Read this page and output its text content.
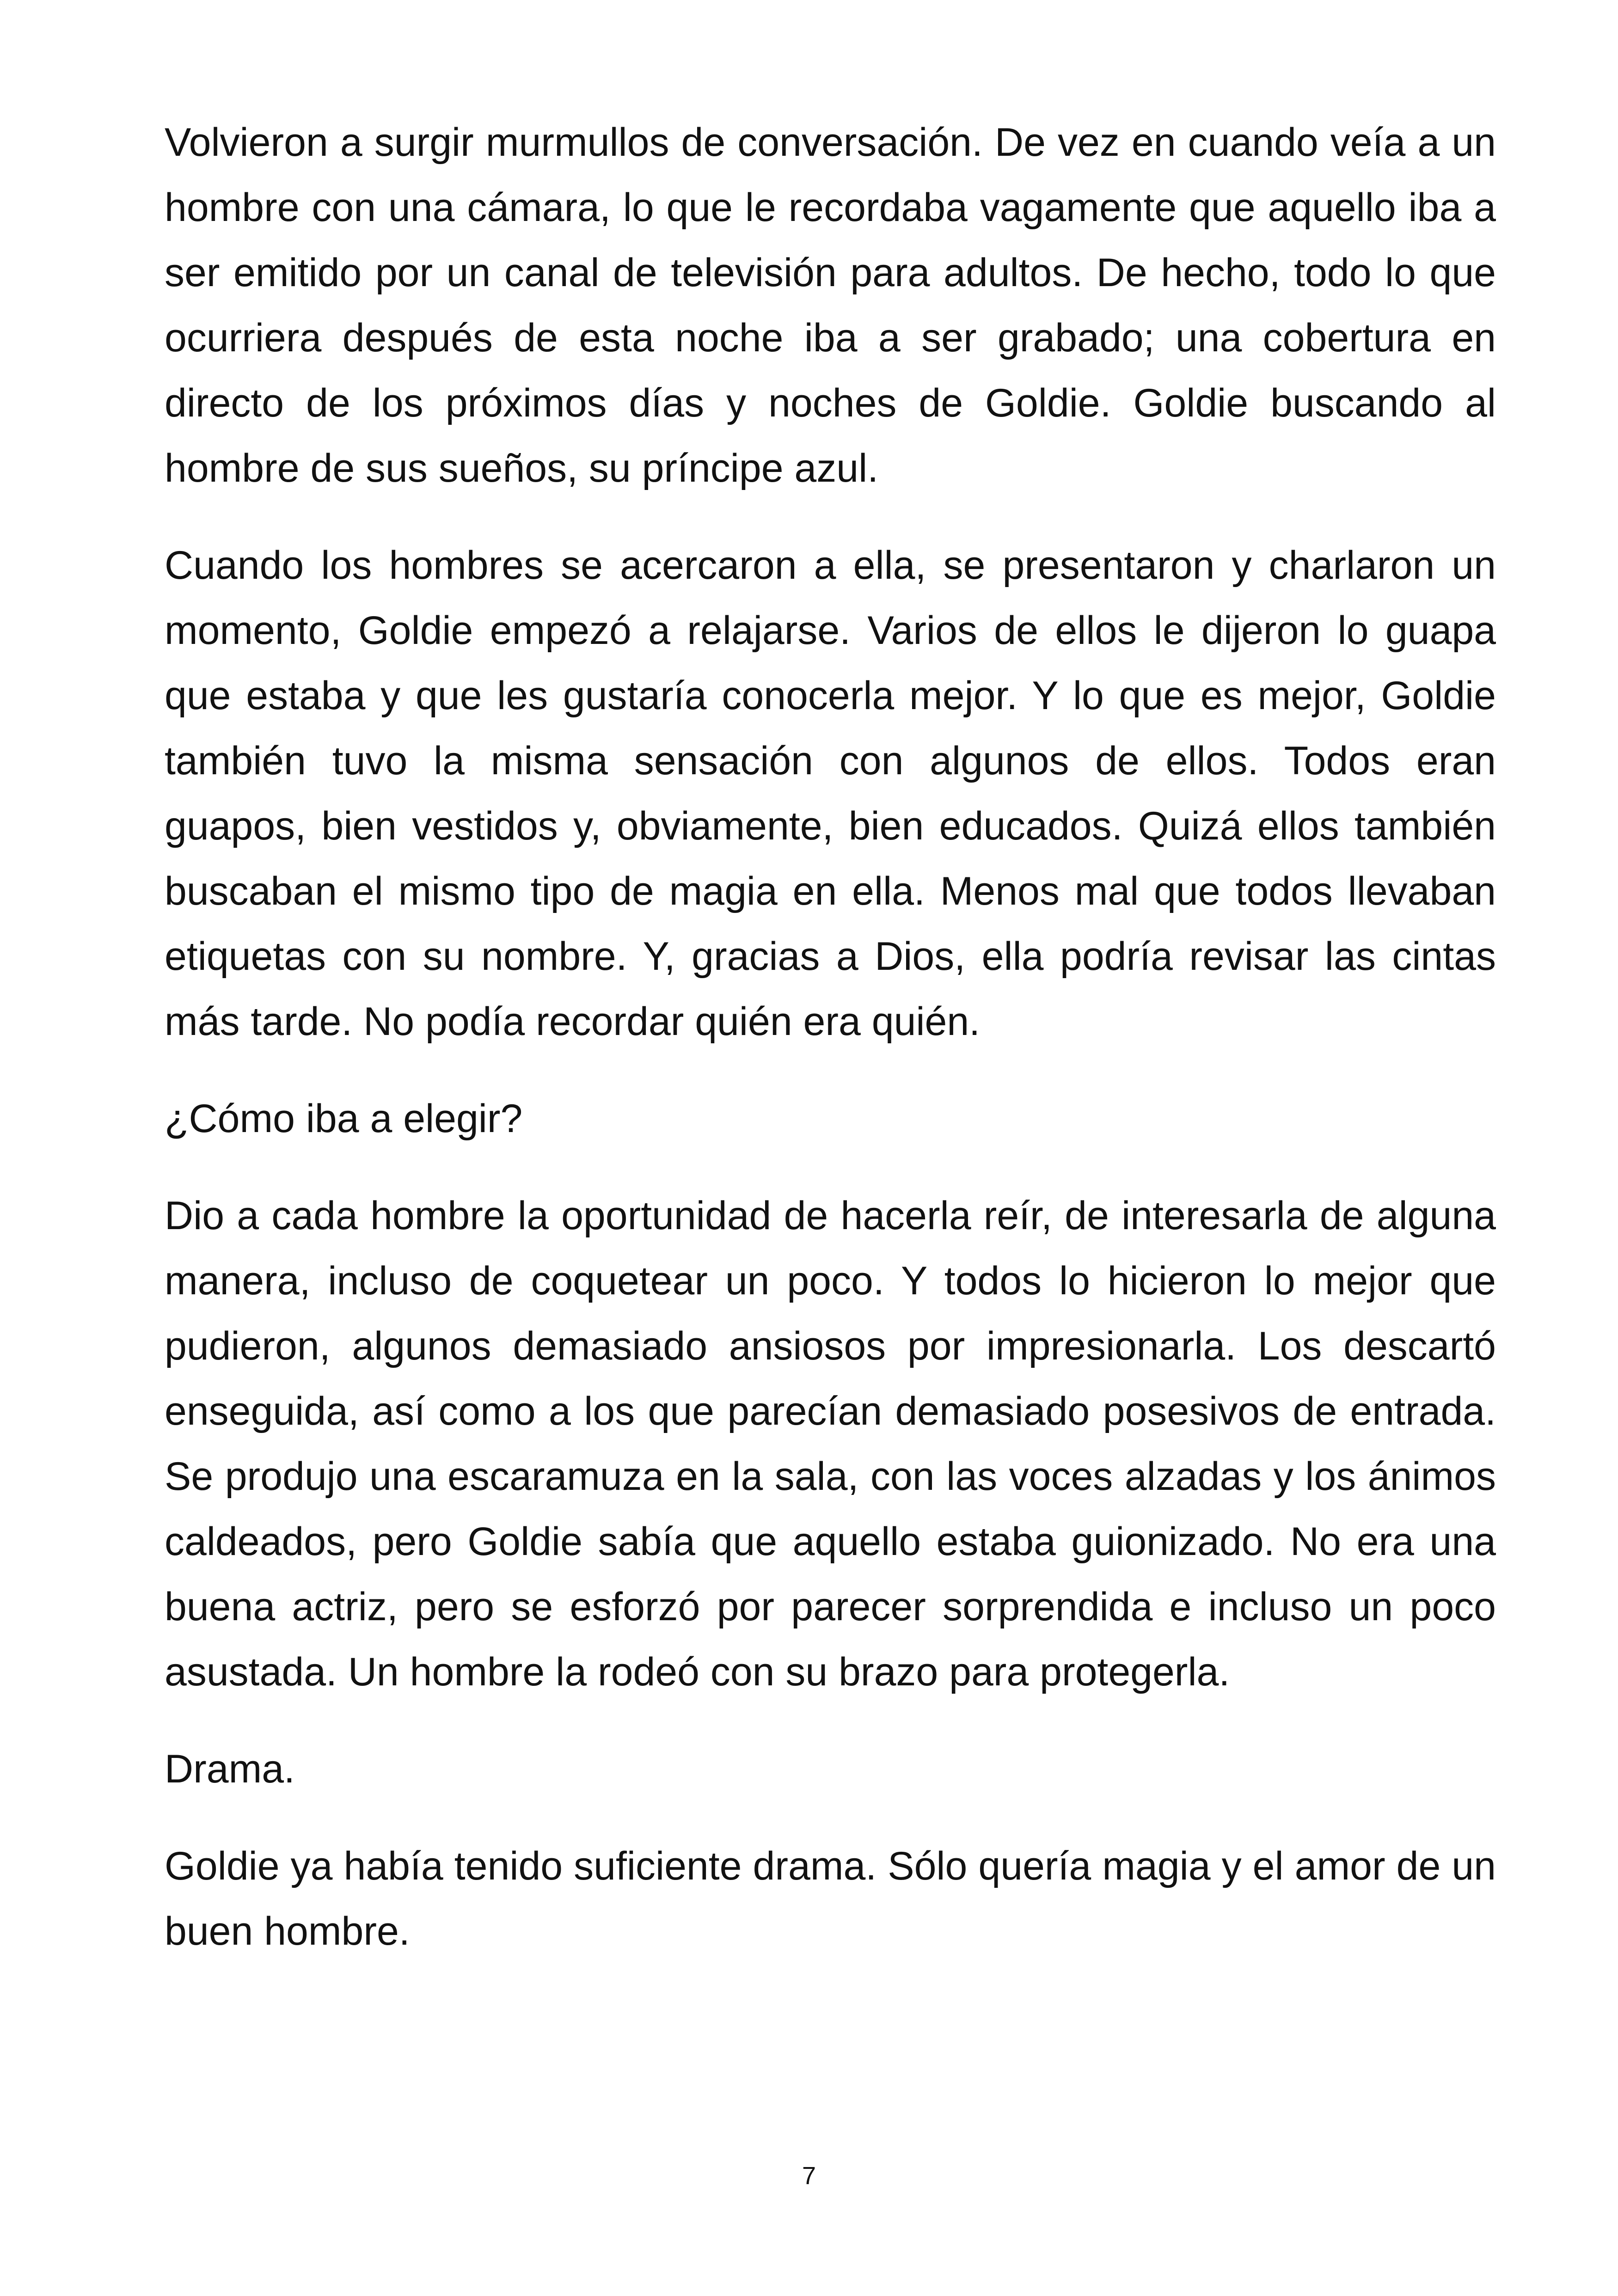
Volvieron a surgir murmullos de conversación. De vez en cuando veía a un hombre con una cámara, lo que le recordaba vagamente que aquello iba a ser emitido por un canal de televisión para adultos. De hecho, todo lo que ocurriera después de esta noche iba a ser grabado; una cobertura en directo de los próximos días y noches de Goldie. Goldie buscando al hombre de sus sueños, su príncipe azul.

Cuando los hombres se acercaron a ella, se presentaron y charlaron un momento, Goldie empezó a relajarse. Varios de ellos le dijeron lo guapa que estaba y que les gustaría conocerla mejor. Y lo que es mejor, Goldie también tuvo la misma sensación con algunos de ellos. Todos eran guapos, bien vestidos y, obviamente, bien educados. Quizá ellos también buscaban el mismo tipo de magia en ella. Menos mal que todos llevaban etiquetas con su nombre. Y, gracias a Dios, ella podría revisar las cintas más tarde. No podía recordar quién era quién.

¿Cómo iba a elegir?

Dio a cada hombre la oportunidad de hacerla reír, de interesarla de alguna manera, incluso de coquetear un poco. Y todos lo hicieron lo mejor que pudieron, algunos demasiado ansiosos por impresionarla. Los descartó enseguida, así como a los que parecían demasiado posesivos de entrada. Se produjo una escaramuza en la sala, con las voces alzadas y los ánimos caldeados, pero Goldie sabía que aquello estaba guionizado. No era una buena actriz, pero se esforzó por parecer sorprendida e incluso un poco asustada. Un hombre la rodeó con su brazo para protegerla.

Drama.

Goldie ya había tenido suficiente drama. Sólo quería magia y el amor de un buen hombre.

7
